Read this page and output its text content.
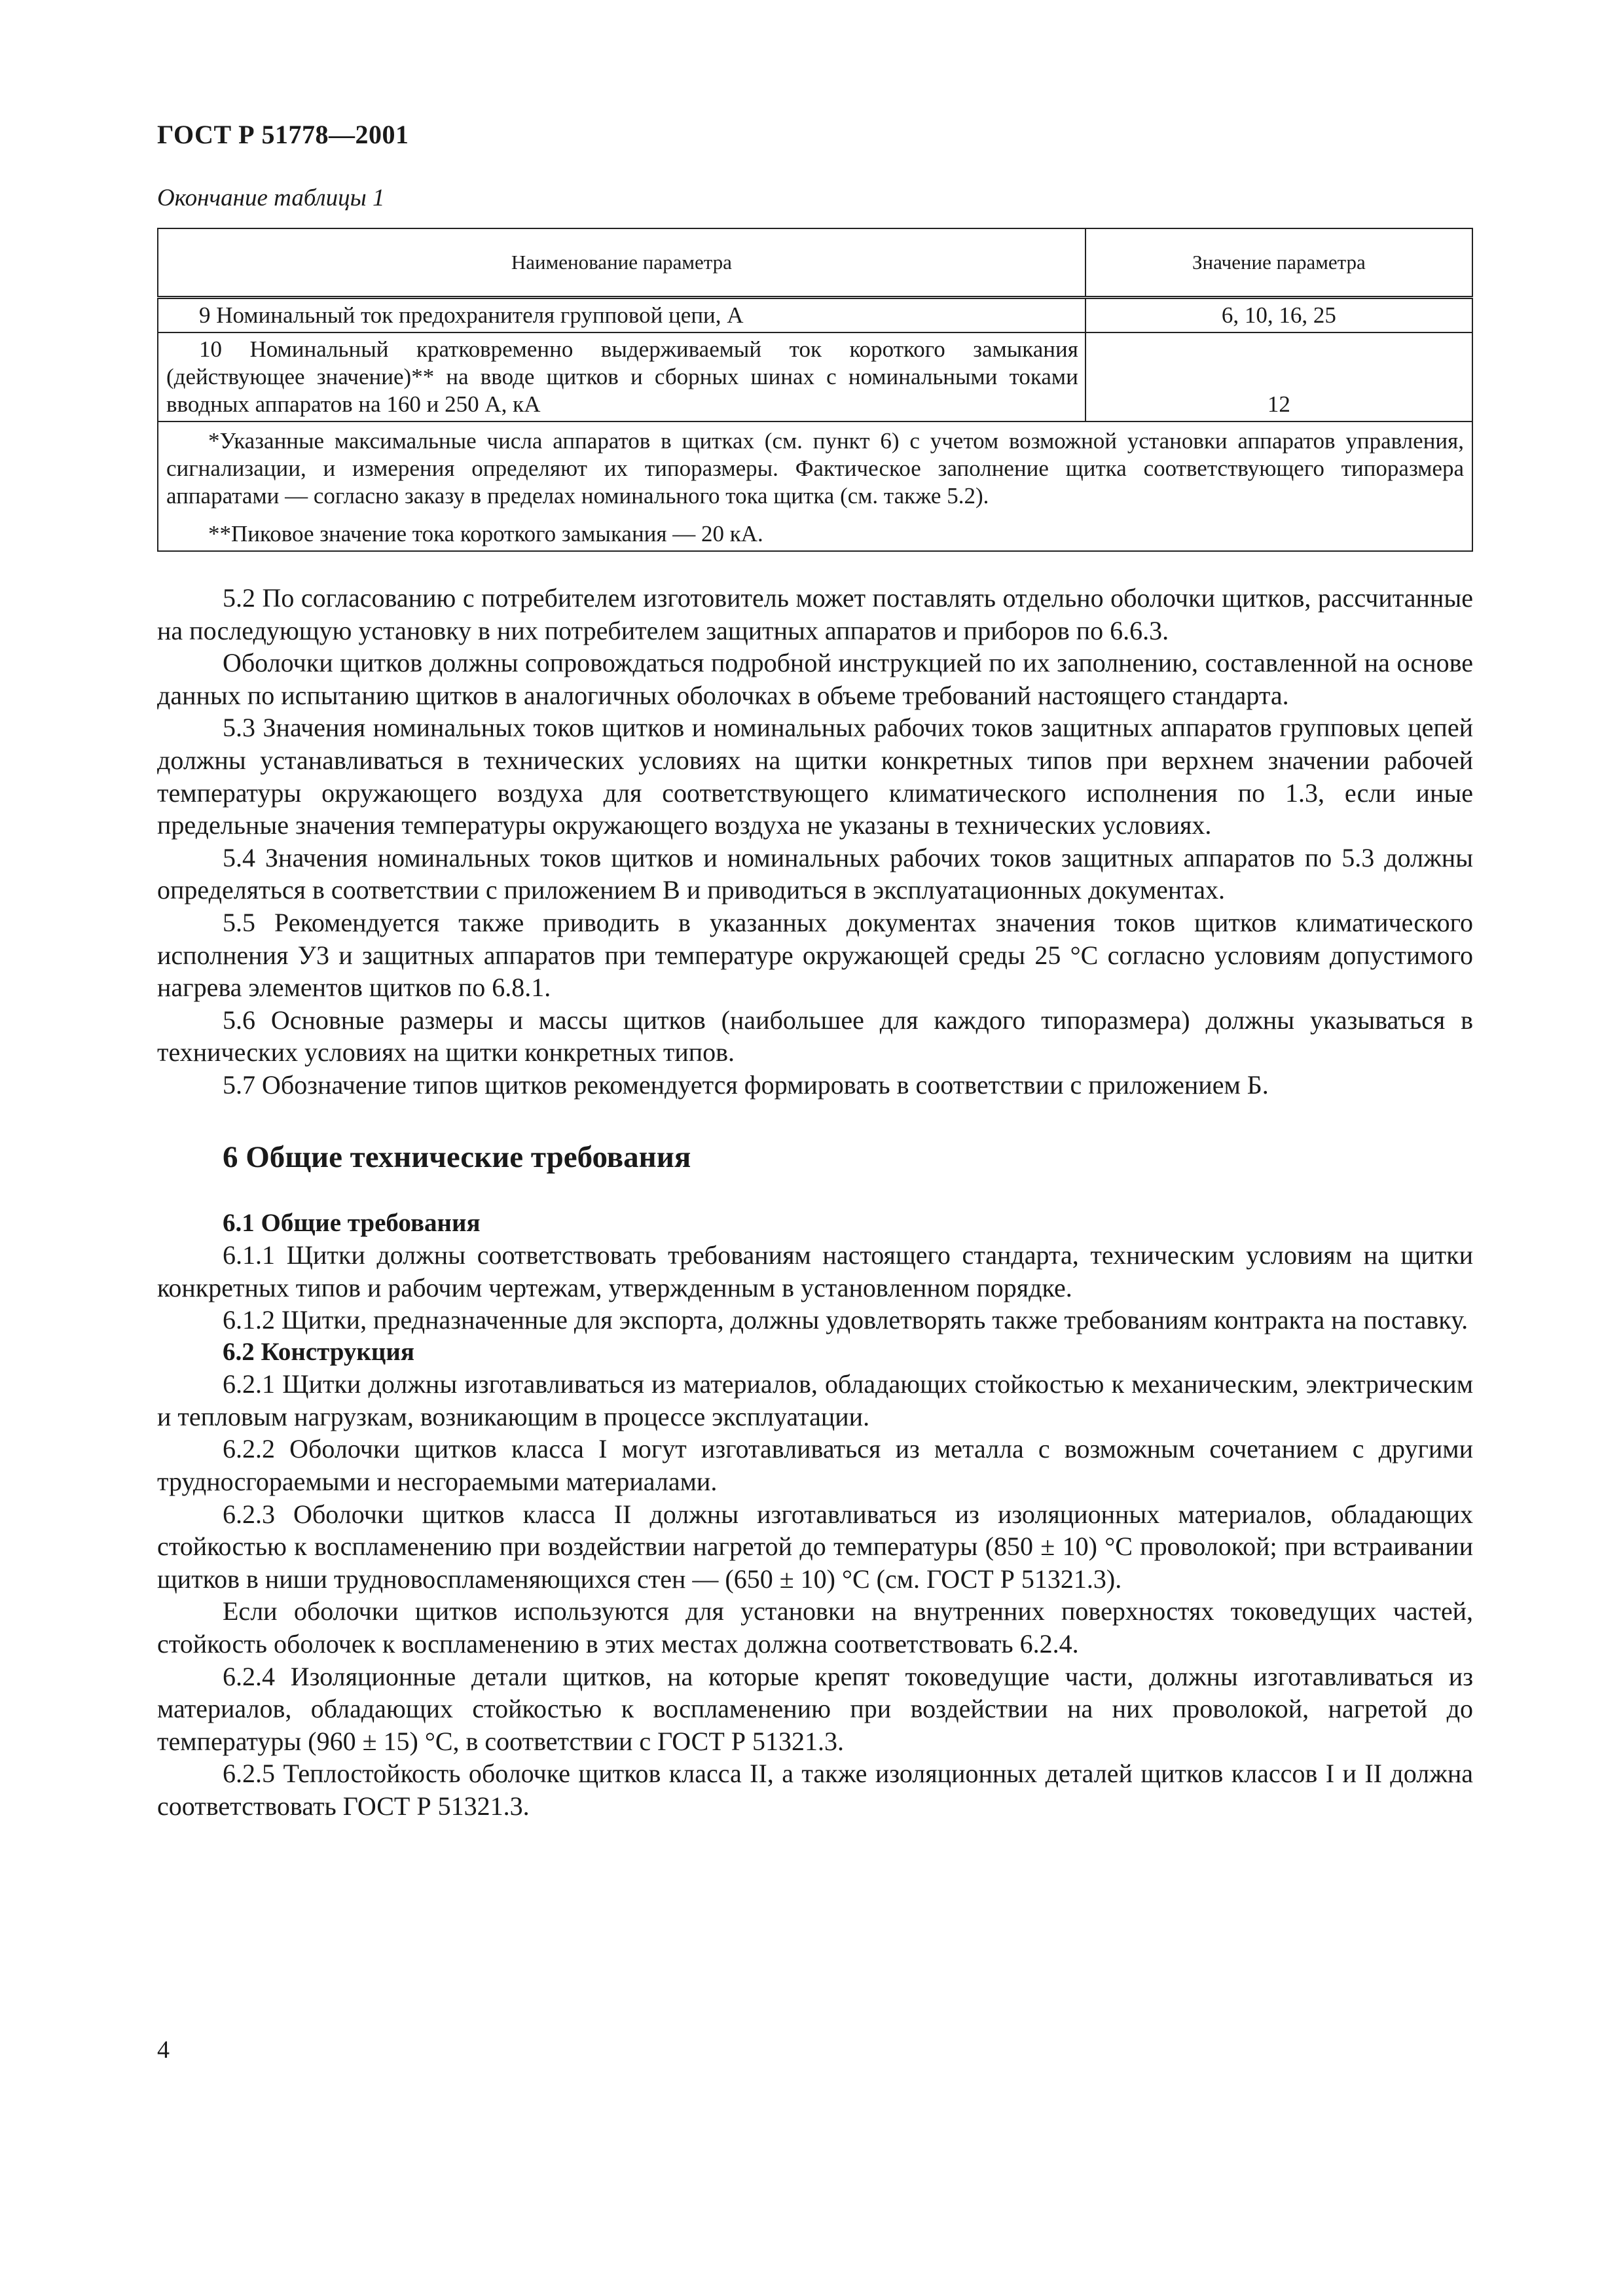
ГОСТ Р 51778—2001
Окончание таблицы 1
Наименование параметра	Значение параметра
9 Номинальный ток предохранителя групповой цепи, А	6, 10, 16, 25
10 Номинальный кратковременно выдерживаемый ток короткого замыкания (действующее значение)** на вводе щитков и сборных шинах с номинальными токами вводных аппаратов на 160 и 250 А, кА	12

*Указанные максимальные числа аппаратов в щитках (см. пункт 6) с учетом возможной установки аппаратов управления, сигнализации, и измерения определяют их типоразмеры. Фактическое заполнение щитка соответствующего типоразмера аппаратами — согласно заказу в пределах номинального тока щитка (см. также 5.2).

**Пиковое значение тока короткого замыкания — 20 кА.	

5.2 По согласованию с потребителем изготовитель может поставлять отдельно оболочки щитков, рассчитанные на последующую установку в них потребителем защитных аппаратов и приборов по 6.6.3.

Оболочки щитков должны сопровождаться подробной инструкцией по их заполнению, составленной на основе данных по испытанию щитков в аналогичных оболочках в объеме требований настоящего стандарта.

5.3 Значения номинальных токов щитков и номинальных рабочих токов защитных аппаратов групповых цепей должны устанавливаться в технических условиях на щитки конкретных типов при верхнем значении рабочей температуры окружающего воздуха для соответствующего климатического исполнения по 1.3, если иные предельные значения температуры окружающего воздуха не указаны в технических условиях.

5.4 Значения номинальных токов щитков и номинальных рабочих токов защитных аппаратов по 5.3 должны определяться в соответствии с приложением В и приводиться в эксплуатационных документах.

5.5 Рекомендуется также приводить в указанных документах значения токов щитков климатического исполнения У3 и защитных аппаратов при температуре окружающей среды 25 °С согласно условиям допустимого нагрева элементов щитков по 6.8.1.

5.6 Основные размеры и массы щитков (наибольшее для каждого типоразмера) должны указываться в технических условиях на щитки конкретных типов.

5.7 Обозначение типов щитков рекомендуется формировать в соответствии с приложением Б.

6 Общие технические требования
6.1 Общие требования

6.1.1 Щитки должны соответствовать требованиям настоящего стандарта, техническим условиям на щитки конкретных типов и рабочим чертежам, утвержденным в установленном порядке.

6.1.2 Щитки, предназначенные для экспорта, должны удовлетворять также требованиям контракта на поставку.

6.2 Конструкция

6.2.1 Щитки должны изготавливаться из материалов, обладающих стойкостью к механическим, электрическим и тепловым нагрузкам, возникающим в процессе эксплуатации.

6.2.2 Оболочки щитков класса I могут изготавливаться из металла с возможным сочетанием с другими трудносгораемыми и несгораемыми материалами.

6.2.3 Оболочки щитков класса II должны изготавливаться из изоляционных материалов, обладающих стойкостью к воспламенению при воздействии нагретой до температуры (850 ± 10) °С проволокой; при встраивании щитков в ниши трудновоспламеняющихся стен — (650 ± 10) °С (см. ГОСТ Р 51321.3).

Если оболочки щитков используются для установки на внутренних поверхностях токоведущих частей, стойкость оболочек к воспламенению в этих местах должна соответствовать 6.2.4.

6.2.4 Изоляционные детали щитков, на которые крепят токоведущие части, должны изготавливаться из материалов, обладающих стойкостью к воспламенению при воздействии на них проволокой, нагретой до температуры (960 ± 15) °С, в соответствии с ГОСТ Р 51321.3.

6.2.5 Теплостойкость оболочке щитков класса II, а также изоляционных деталей щитков классов I и II должна соответствовать ГОСТ Р 51321.3.

4
